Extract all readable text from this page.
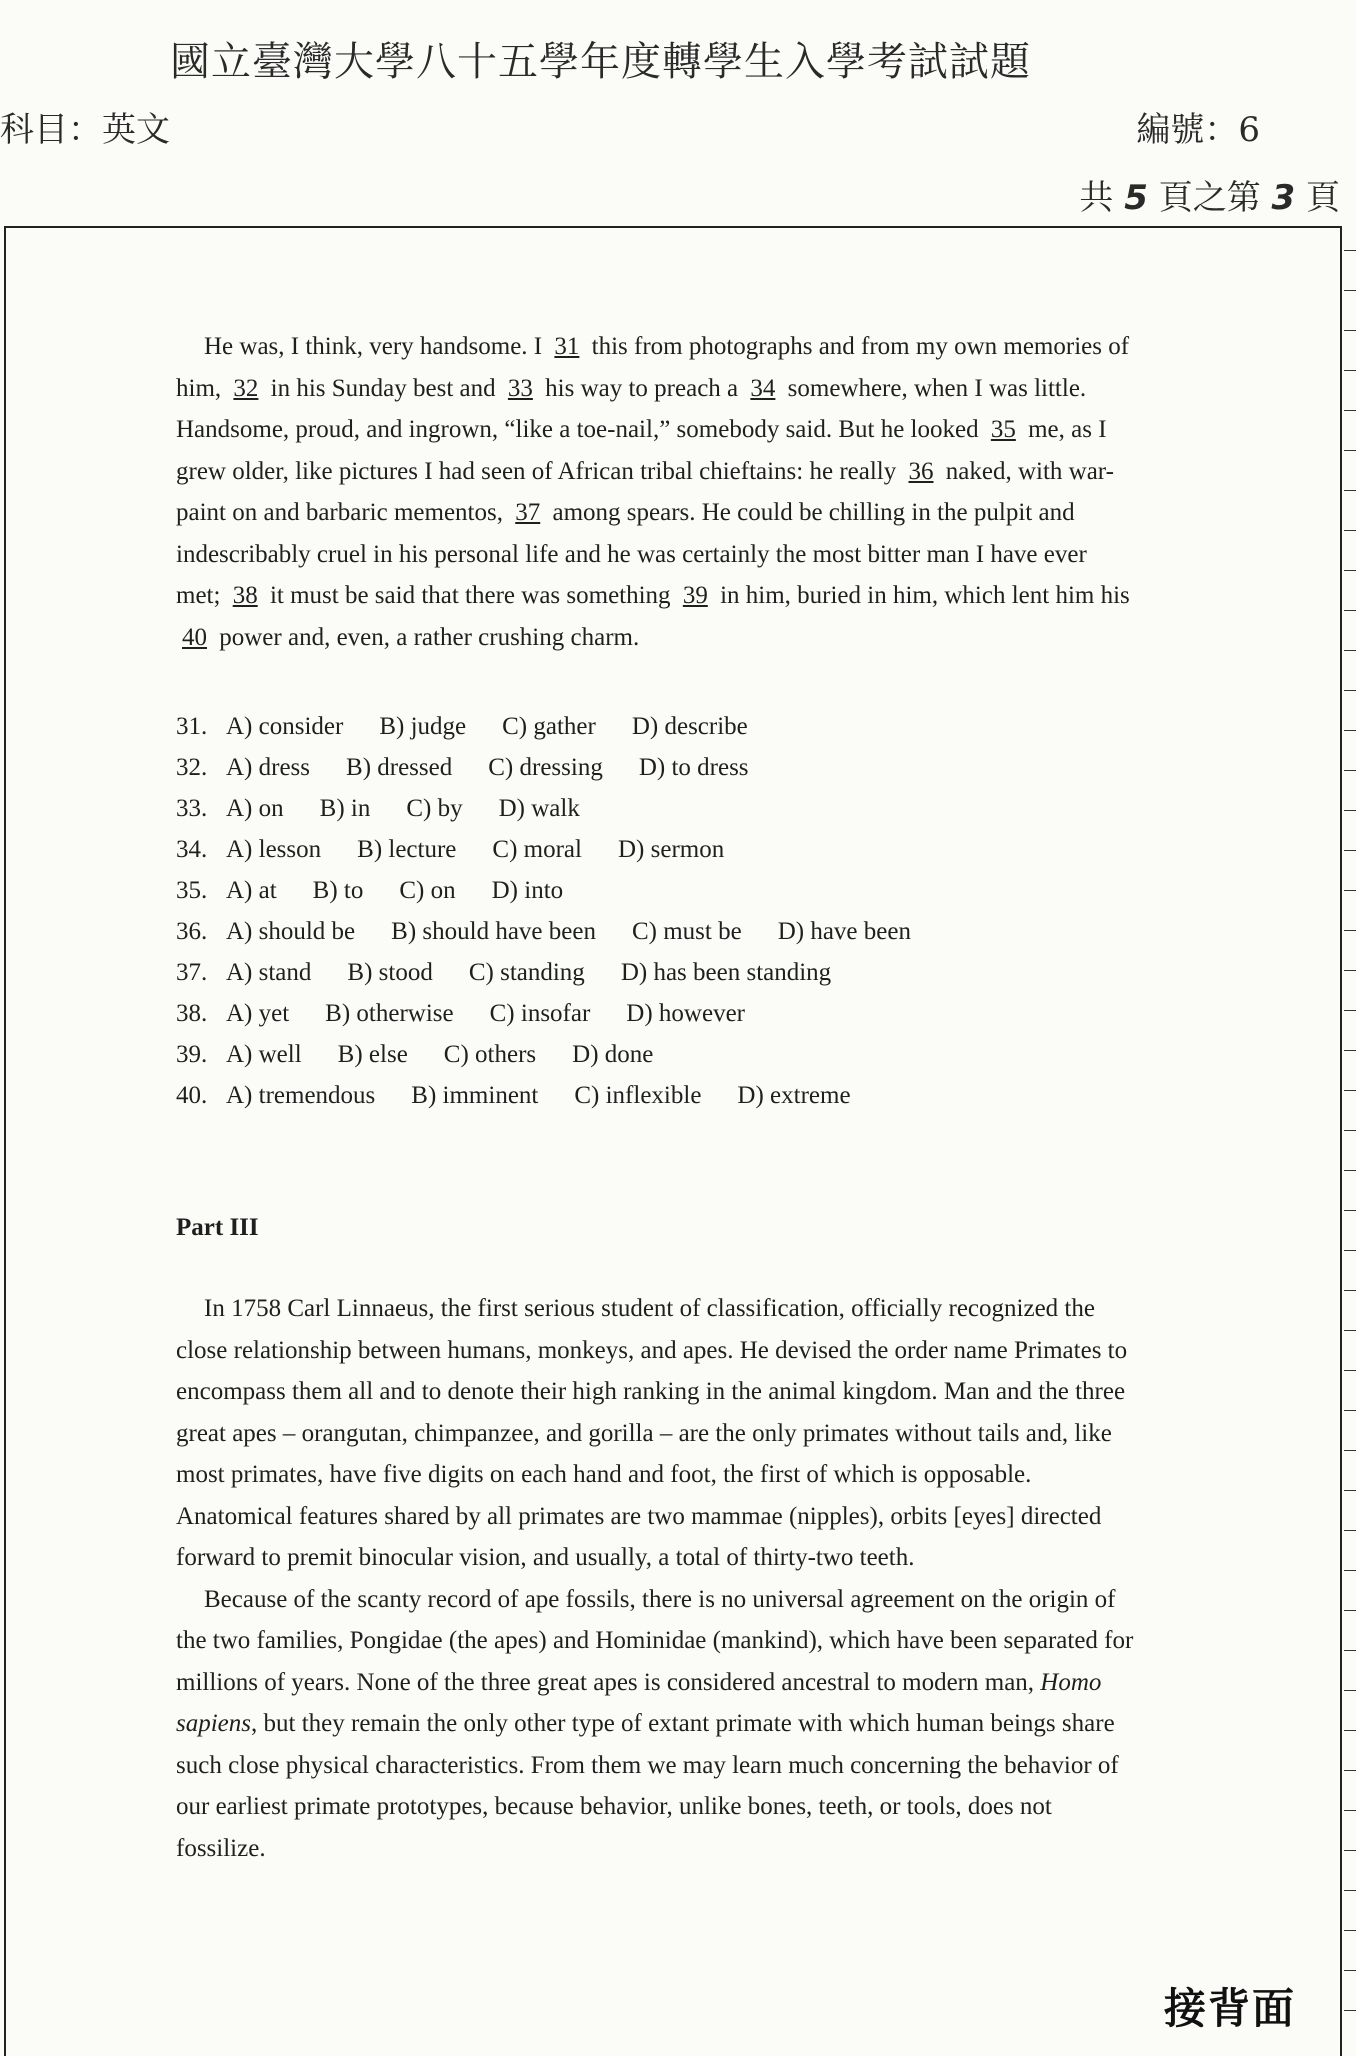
國立臺灣大學八十五學年度轉學生入學考試試題
科目：英文	編號：6
共 5 頁之第 3 頁

He was, I think, very handsome. I 31 this from photographs and from my own memories of him, 32 in his Sunday best and 33 his way to preach a 34 somewhere, when I was little. Handsome, proud, and ingrown, “like a toe-nail,” somebody said. But he looked 35 me, as I grew older, like pictures I had seen of African tribal chieftains: he really 36 naked, with war-paint on and barbaric mementos, 37 among spears. He could be chilling in the pulpit and indescribably cruel in his personal life and he was certainly the most bitter man I have ever met; 38 it must be said that there was something 39 in him, buried in him, which lent him his 40 power and, even, a rather crushing charm.

31. A) consider B) judge C) gather D) describe
32. A) dress B) dressed C) dressing D) to dress
33. A) on B) in C) by D) walk
34. A) lesson B) lecture C) moral D) sermon
35. A) at B) to C) on D) into
36. A) should be B) should have been C) must be D) have been
37. A) stand B) stood C) standing D) has been standing
38. A) yet B) otherwise C) insofar D) however
39. A) well B) else C) others D) done
40. A) tremendous B) imminent C) inflexible D) extreme
Part III

In 1758 Carl Linnaeus, the first serious student of classification, officially recognized the close relationship between humans, monkeys, and apes. He devised the order name Primates to encompass them all and to denote their high ranking in the animal kingdom. Man and the three great apes – orangutan, chimpanzee, and gorilla – are the only primates without tails and, like most primates, have five digits on each hand and foot, the first of which is opposable. Anatomical features shared by all primates are two mammae (nipples), orbits [eyes] directed forward to premit binocular vision, and usually, a total of thirty-two teeth.

Because of the scanty record of ape fossils, there is no universal agreement on the origin of the two families, Pongidae (the apes) and Hominidae (mankind), which have been separated for millions of years. None of the three great apes is considered ancestral to modern man, Homo sapiens, but they remain the only other type of extant primate with which human beings share such close physical characteristics. From them we may learn much concerning the behavior of our earliest primate prototypes, because behavior, unlike bones, teeth, or tools, does not fossilize.

接背面
